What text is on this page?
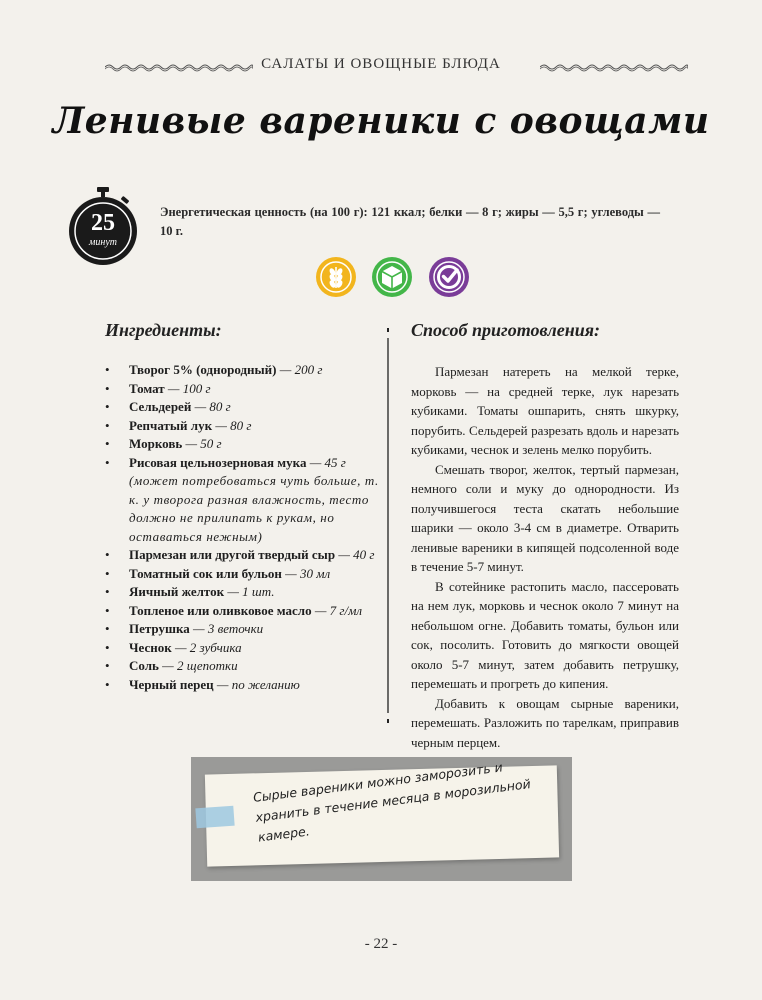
САЛАТЫ И ОВОЩНЫЕ БЛЮДА
Ленивые вареники с овощами
25
минут
Энергетическая ценность (на 100 г): 121 ккал; белки — 8 г; жиры — 5,5 г; углеводы — 10 г.
Ингредиенты:
• Творог 5% (однородный) — 200 г
• Томат — 100 г
• Сельдерей — 80 г
• Репчатый лук — 80 г
• Морковь — 50 г
• Рисовая цельнозерновая мука — 45 г (может потребоваться чуть больше, т. к. у творога разная влажность, тесто должно не прилипать к рукам, но оставаться нежным)
• Пармезан или другой твердый сыр — 40 г
• Томатный сок или бульон — 30 мл
• Яичный желток — 1 шт.
• Топленое или оливковое масло — 7 г/мл
• Петрушка — 3 веточки
• Чеснок — 2 зубчика
• Соль — 2 щепотки
• Черный перец — по желанию
Способ приготовления:

Пармезан натереть на мелкой терке, морковь — на средней терке, лук нарезать кубиками. Томаты ошпарить, снять шкурку, порубить. Сельдерей разрезать вдоль и нарезать кубиками, чеснок и зелень мелко порубить.

Смешать творог, желток, тертый пармезан, немного соли и муку до однородности. Из получившегося теста скатать небольшие шарики — около 3-4 см в диаметре. Отварить ленивые вареники в кипящей подсоленной воде в течение 5-7 минут.

В сотейнике растопить масло, пассеровать на нем лук, морковь и чеснок около 7 минут на небольшом огне. Добавить томаты, бульон или сок, посолить. Готовить до мягкости овощей около 5-7 минут, затем добавить петрушку, перемешать и прогреть до кипения.

Добавить к овощам сырные вареники, перемешать. Разложить по тарелкам, приправив черным перцем.

Сырые вареники можно заморозить и хранить в течение месяца в морозильной камере.
- 22 -
